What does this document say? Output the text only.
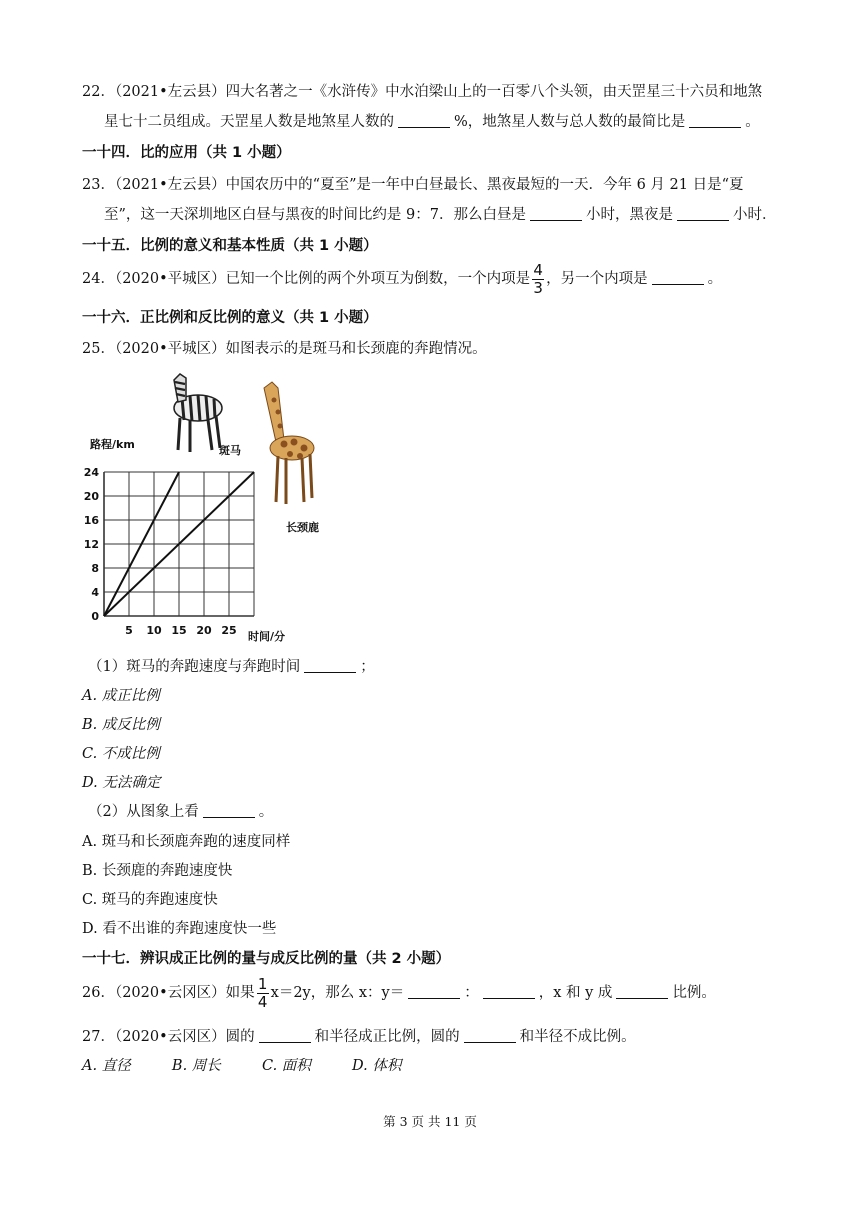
22．（2021•左云县）四大名著之一《水浒传》中水泊梁山上的一百零八个头领，由天罡星三十六员和地煞
星七十二员组成。天罡星人数是地煞星人数的	%，地煞星人数与总人数的最简比是	。
一十四．比的应用（共 1 小题）
23．（2021•左云县）中国农历中的“夏至”是一年中白昼最长、黑夜最短的一天．今年 6 月 21 日是“夏
至”，这一天深圳地区白昼与黑夜的时间比约是 9：7．那么白昼是	小时，黑夜是	小时．
一十五．比例的意义和基本性质（共 1 小题）
24．（2020•平城区）已知一个比例的两个外项互为倒数，一个内项是 $\frac{4}{3}$ ，另一个内项是	。
一十六．正比例和反比例的意义（共 1 小题）
25．（2020•平城区）如图表示的是斑马和长颈鹿的奔跑情况。
路程/km
时间/分
0
4
8
12
16
20
24
5 10 15 20 25
斑马
长颈鹿
（1）斑马的奔跑速度与奔跑时间	；
A. 成正比例
B. 成反比例
C. 不成比例
D. 无法确定
（2）从图象上看	。
A. 斑马和长颈鹿奔跑的速度同样
B. 长颈鹿的奔跑速度快
C. 斑马的奔跑速度快
D. 看不出谁的奔跑速度快一些
一十七．辨识成正比例的量与成反比例的量（共 2 小题）
26．（2020•云冈区）如果 $\frac{1}{4} x=2y$，那么 x：y＝	：	，x 和 y 成	比例。
27．（2020•云冈区）圆的	和半径成正比例，圆的	和半径不成比例。
A. 直径	B. 周长	C. 面积	D. 体积
第 3 页 共 11 页
